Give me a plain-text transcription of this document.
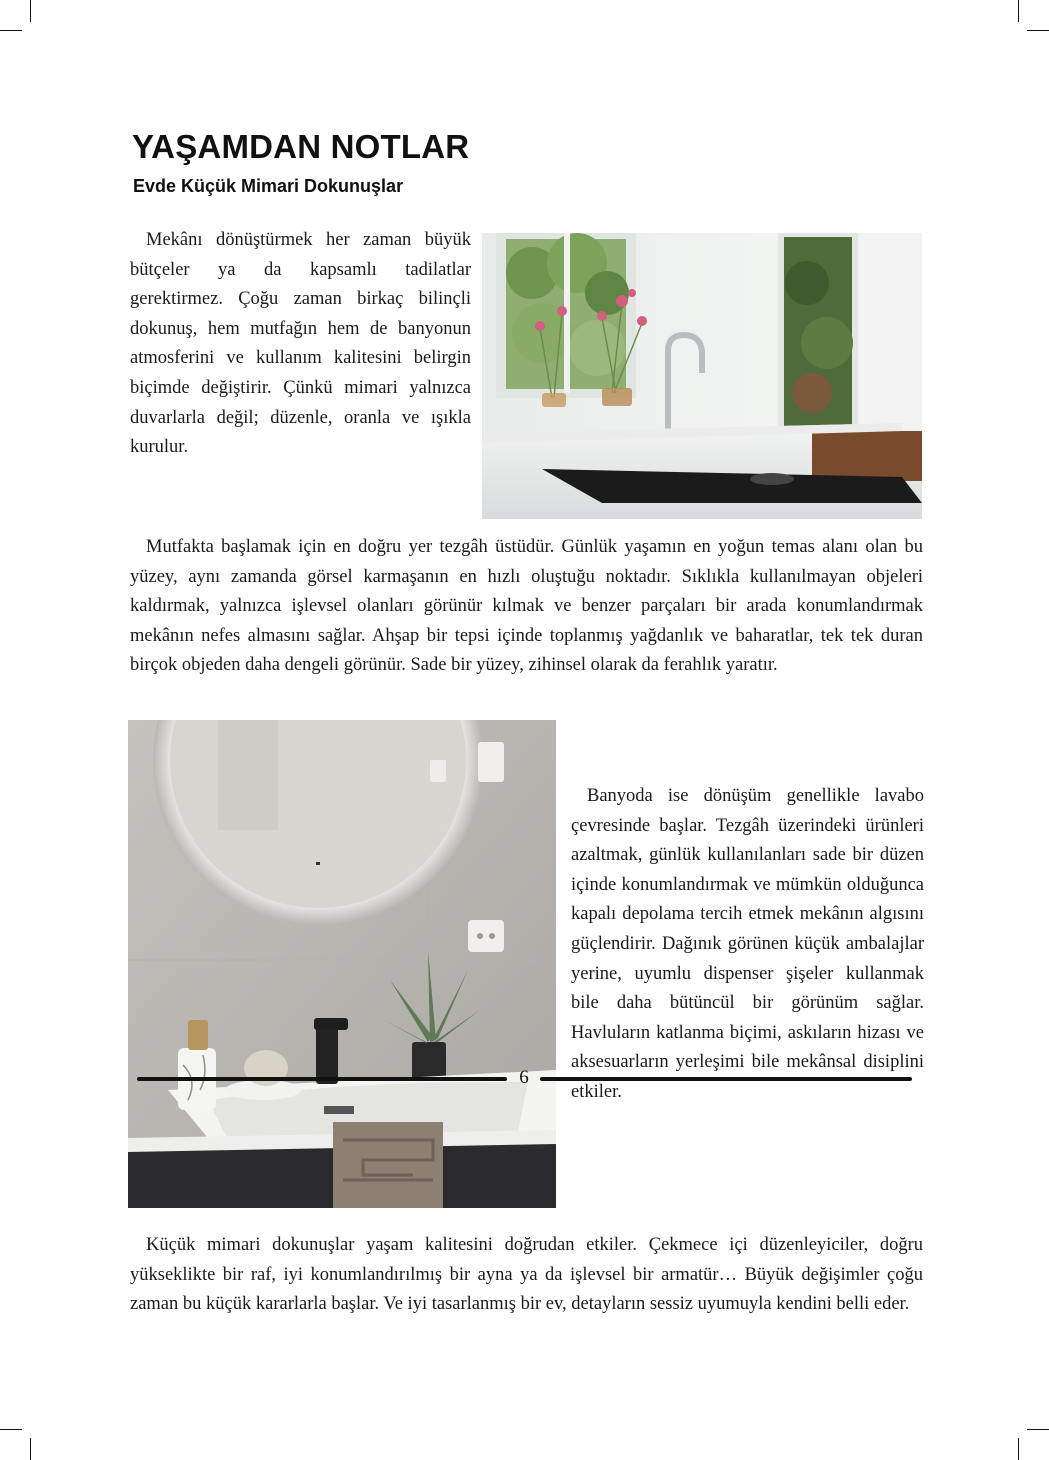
YAŞAMDAN NOTLAR
Evde Küçük Mimari Dokunuşlar

Mekânı dönüştürmek her zaman büyük bütçeler ya da kapsamlı tadilatlar gerektirmez. Çoğu zaman birkaç bilinçli dokunuş, hem mutfağın hem de banyonun atmosferini ve kullanım kalitesini belirgin biçimde değiştirir. Çünkü mimari yalnızca duvarlarla değil; düzenle, oranla ve ışıkla kurulur.

Mutfakta başlamak için en doğru yer tezgâh üstüdür. Günlük yaşamın en yoğun temas alanı olan bu yüzey, aynı zamanda görsel karmaşanın en hızlı oluştuğu noktadır. Sıklıkla kullanılmayan objeleri kaldırmak, yalnızca işlevsel olanları görünür kılmak ve benzer parçaları bir arada konumlandırmak mekânın nefes almasını sağlar. Ahşap bir tepsi içinde toplanmış yağdanlık ve baharatlar, tek tek duran birçok objeden daha dengeli görünür. Sade bir yüzey, zihinsel olarak da ferahlık yaratır.

Banyoda ise dönüşüm genellikle lavabo çevresinde başlar. Tezgâh üzerindeki ürünleri azaltmak, günlük kullanılanları sade bir düzen içinde konumlandırmak ve mümkün olduğunca kapalı depolama tercih etmek mekânın algısını güçlendirir. Dağınık görünen küçük ambalajlar yerine, uyumlu dispenser şişeler kullanmak bile daha bütüncül bir görünüm sağlar. Havluların katlanma biçimi, askıların hizası ve aksesuarların yerleşimi bile mekânsal disiplini etkiler.

Küçük mimari dokunuşlar yaşam kalitesini doğrudan etkiler. Çekmece içi düzenleyiciler, doğru yükseklikte bir raf, iyi konumlandırılmış bir ayna ya da işlevsel bir armatür… Büyük değişimler çoğu zaman bu küçük kararlarla başlar. Ve iyi tasarlanmış bir ev, detayların sessiz uyumuyla kendini belli eder.

6
